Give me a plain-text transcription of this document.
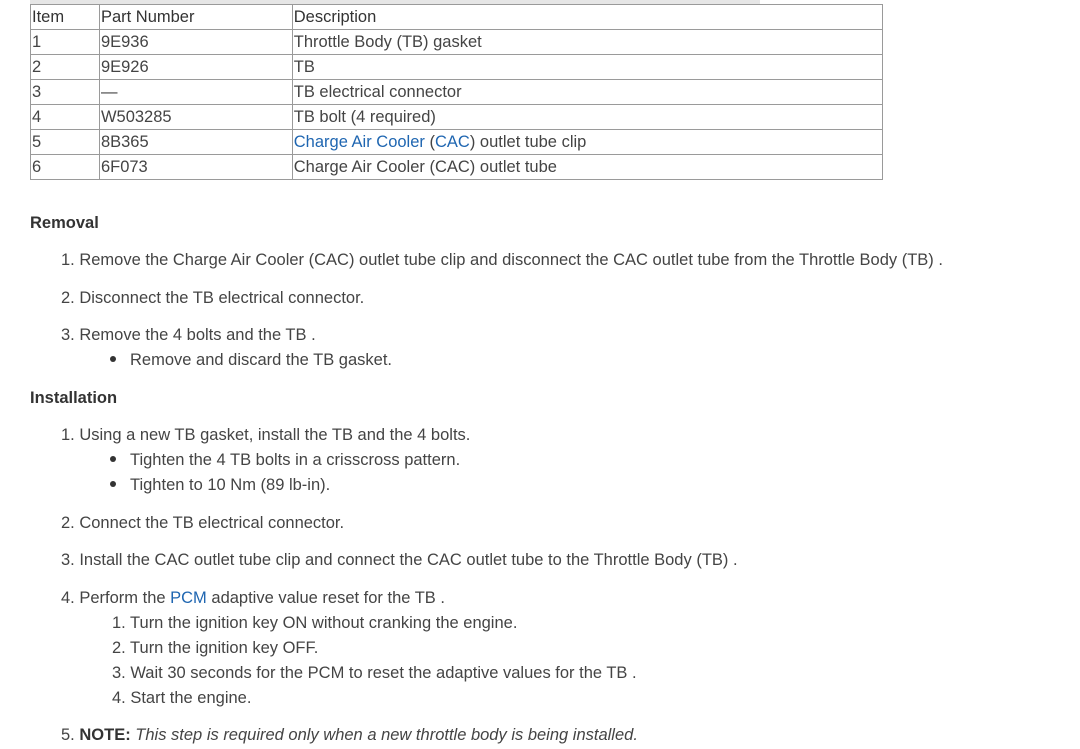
Item	Part Number	Description
1	9E936	Throttle Body (TB) gasket
2	9E926	TB
3	—	TB electrical connector
4	W503285	TB bolt (4 required)
5	8B365	Charge Air Cooler (CAC) outlet tube clip
6	6F073	Charge Air Cooler (CAC) outlet tube
Removal
1. Remove the Charge Air Cooler (CAC) outlet tube clip and disconnect the CAC outlet tube from the Throttle Body (TB) .
2. Disconnect the TB electrical connector.
3. Remove the 4 bolts and the TB .
Remove and discard the TB gasket.
Installation
1. Using a new TB gasket, install the TB and the 4 bolts.
Tighten the 4 TB bolts in a crisscross pattern.
Tighten to 10 Nm (89 lb-in).
2. Connect the TB electrical connector.
3. Install the CAC outlet tube clip and connect the CAC outlet tube to the Throttle Body (TB) .
4. Perform the PCM adaptive value reset for the TB .
1. Turn the ignition key ON without cranking the engine.
2. Turn the ignition key OFF.
3. Wait 30 seconds for the PCM to reset the adaptive values for the TB .
4. Start the engine.
5. NOTE: This step is required only when a new throttle body is being installed.
